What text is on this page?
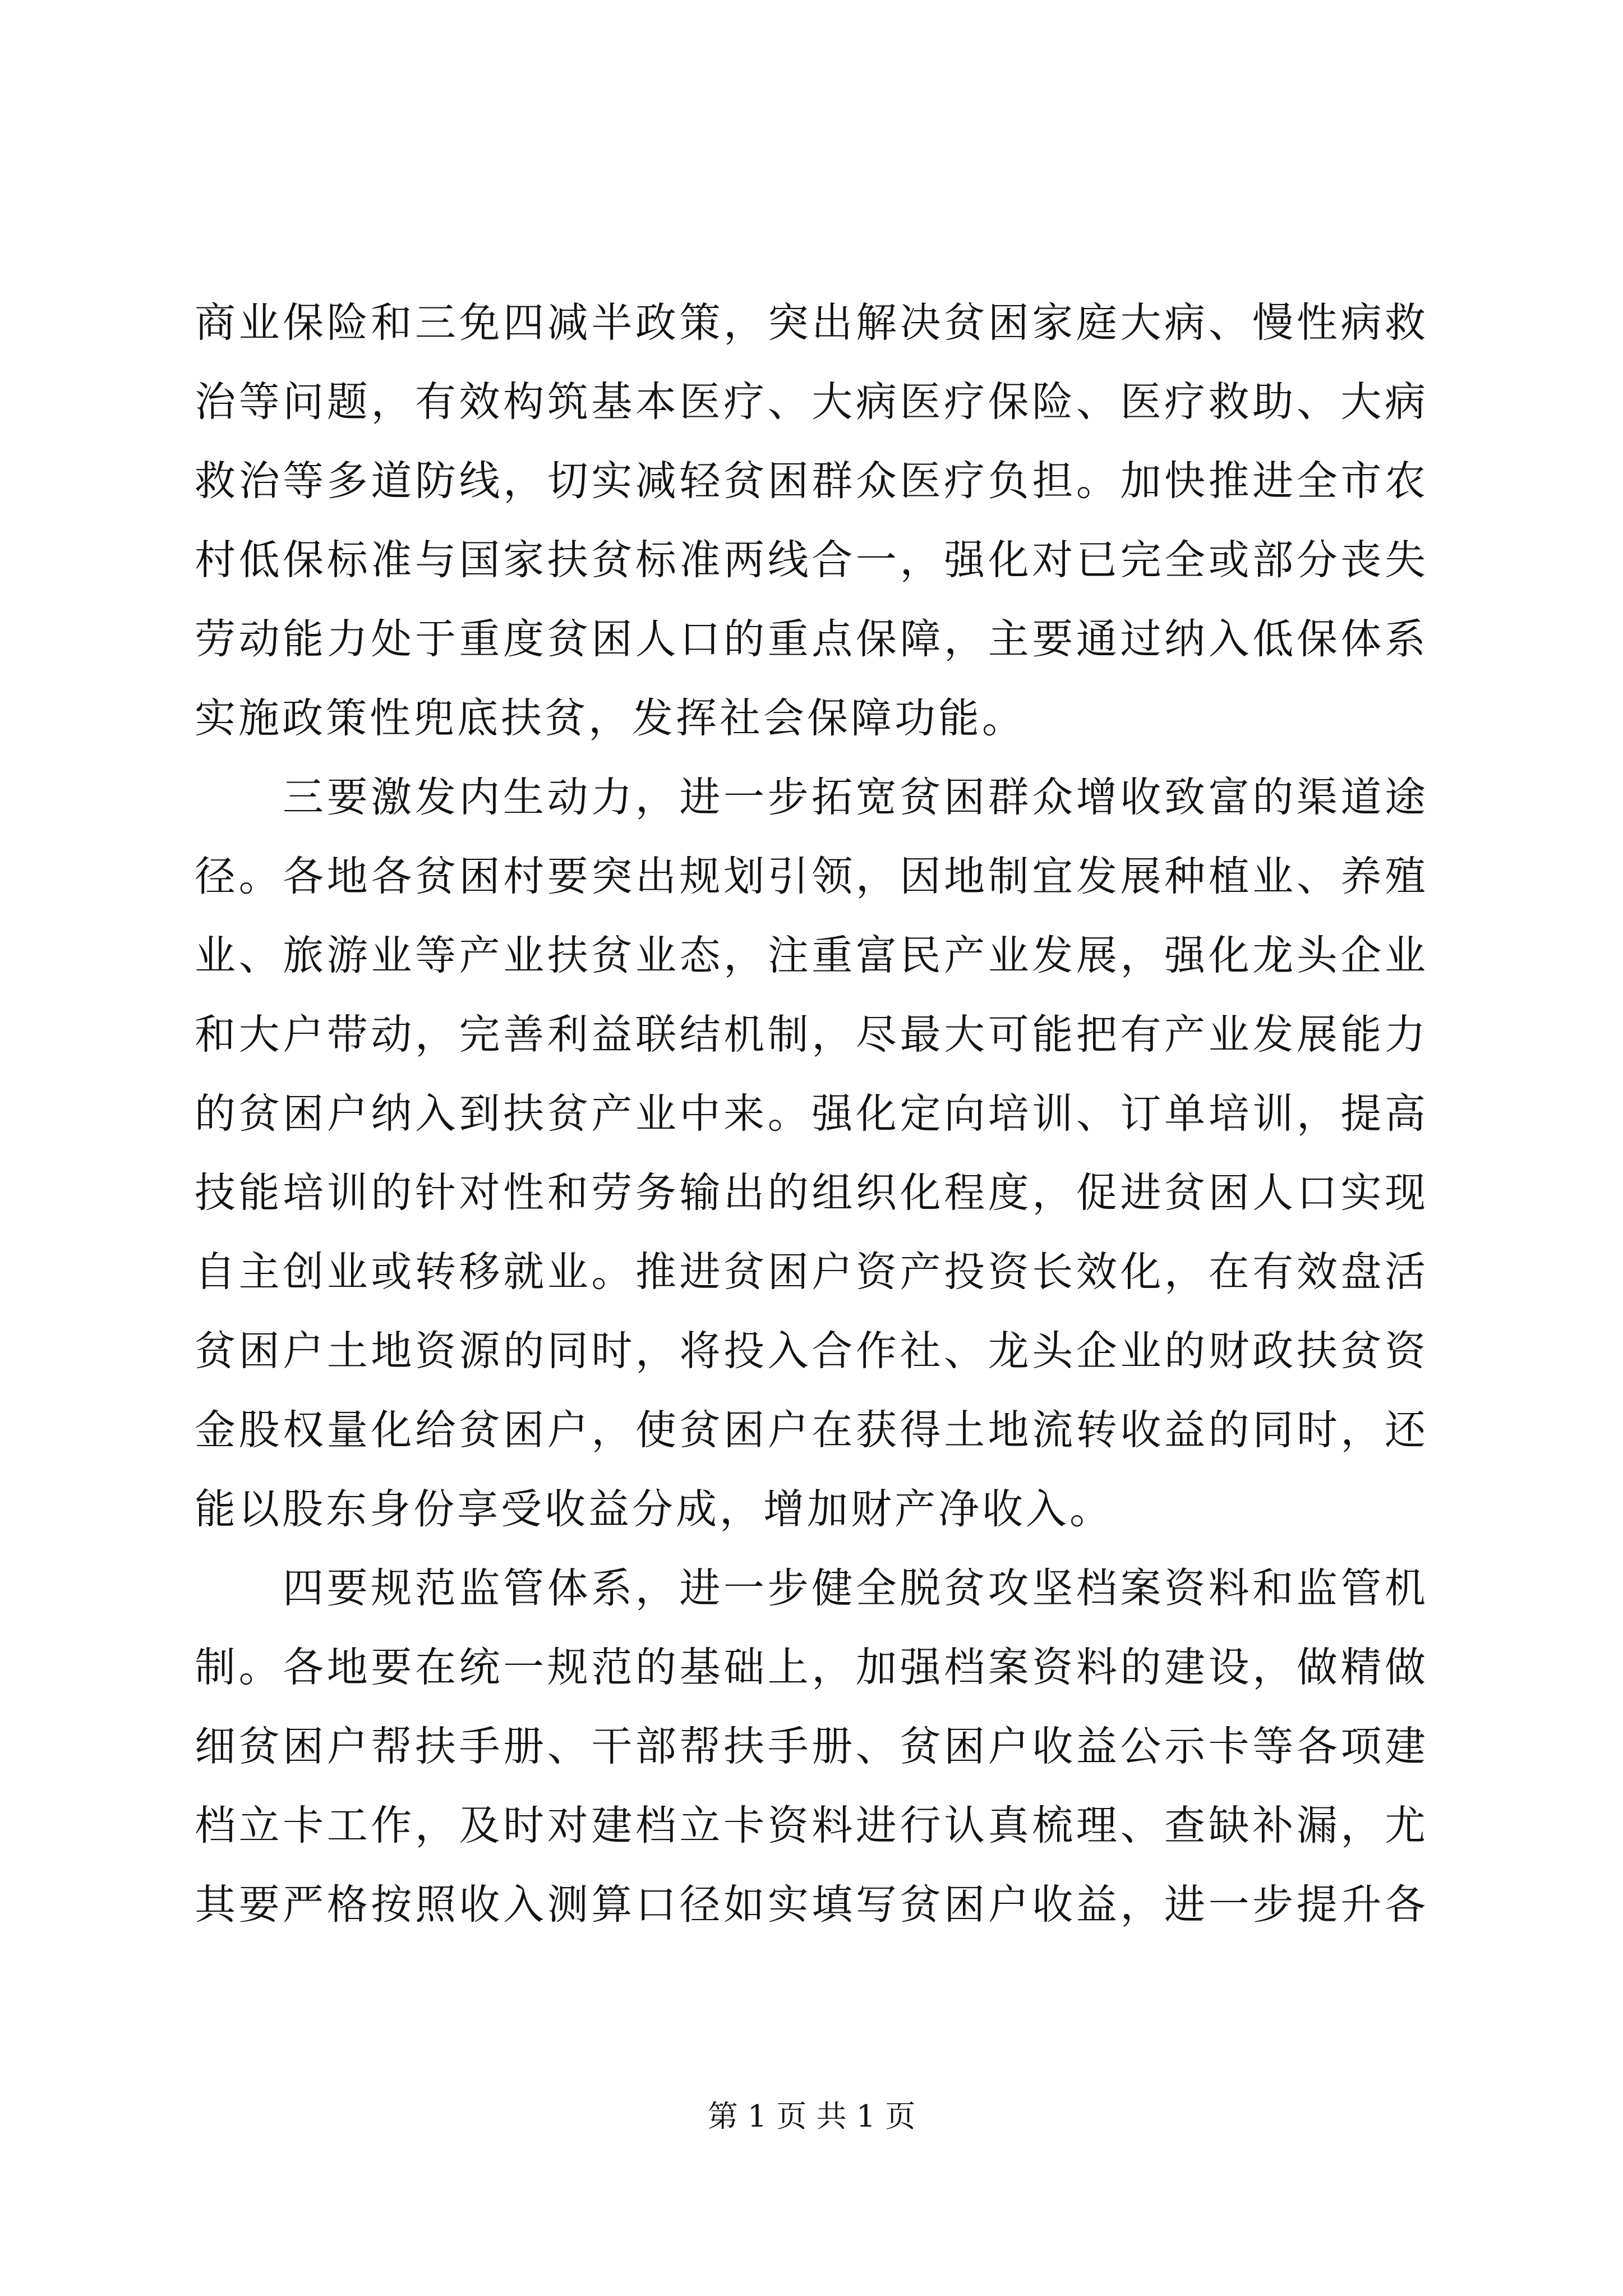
商业保险和三免四减半政策，突出解决贫困家庭大病、慢性病救
治等问题，有效构筑基本医疗、大病医疗保险、医疗救助、大病
救治等多道防线，切实减轻贫困群众医疗负担。加快推进全市农
村低保标准与国家扶贫标准两线合一，强化对已完全或部分丧失
劳动能力处于重度贫困人口的重点保障，主要通过纳入低保体系
实施政策性兜底扶贫，发挥社会保障功能。
三要激发内生动力，进一步拓宽贫困群众增收致富的渠道途
径。各地各贫困村要突出规划引领，因地制宜发展种植业、养殖
业、旅游业等产业扶贫业态，注重富民产业发展，强化龙头企业
和大户带动，完善利益联结机制，尽最大可能把有产业发展能力
的贫困户纳入到扶贫产业中来。强化定向培训、订单培训，提高
技能培训的针对性和劳务输出的组织化程度，促进贫困人口实现
自主创业或转移就业。推进贫困户资产投资长效化，在有效盘活
贫困户土地资源的同时，将投入合作社、龙头企业的财政扶贫资
金股权量化给贫困户，使贫困户在获得土地流转收益的同时，还
能以股东身份享受收益分成，增加财产净收入。
四要规范监管体系，进一步健全脱贫攻坚档案资料和监管机
制。各地要在统一规范的基础上，加强档案资料的建设，做精做
细贫困户帮扶手册、干部帮扶手册、贫困户收益公示卡等各项建
档立卡工作，及时对建档立卡资料进行认真梳理、查缺补漏，尤
其要严格按照收入测算口径如实填写贫困户收益，进一步提升各
第 1 页 共 1 页
